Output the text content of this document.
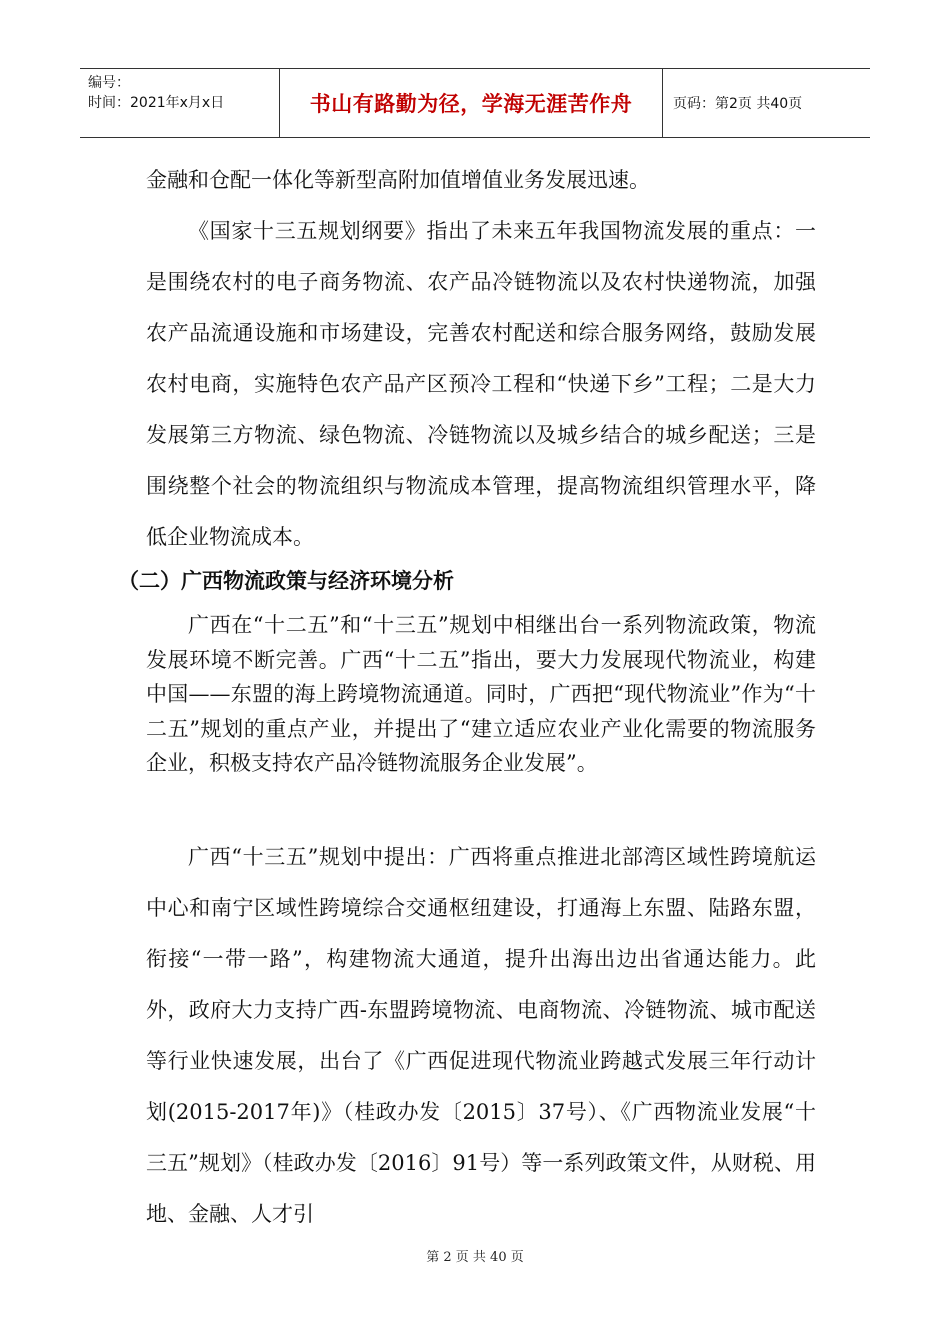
编号：
时间：2021年x月x日	书山有路勤为径，学海无涯苦作舟	页码：第2页 共40页

金融和仓配一体化等新型高附加值增值业务发展迅速。

《国家十三五规划纲要》指出了未来五年我国物流发展的重点：一是围绕农村的电子商务物流、农产品冷链物流以及农村快递物流，加强农产品流通设施和市场建设，完善农村配送和综合服务网络，鼓励发展农村电商，实施特色农产品产区预冷工程和“快递下乡”工程；二是大力发展第三方物流、绿色物流、冷链物流以及城乡结合的城乡配送；三是围绕整个社会的物流组织与物流成本管理，提高物流组织管理水平，降低企业物流成本。

（二）广西物流政策与经济环境分析

广西在“十二五”和“十三五”规划中相继出台一系列物流政策，物流发展环境不断完善。广西“十二五”指出，要大力发展现代物流业，构建中国——东盟的海上跨境物流通道。同时，广西把“现代物流业”作为“十二五”规划的重点产业，并提出了“建立适应农业产业化需要的物流服务企业，积极支持农产品冷链物流服务企业发展”。

广西“十三五”规划中提出：广西将重点推进北部湾区域性跨境航运中心和南宁区域性跨境综合交通枢纽建设，打通海上东盟、陆路东盟，衔接“一带一路”，构建物流大通道，提升出海出边出省通达能力。此外，政府大力支持广西-东盟跨境物流、电商物流、冷链物流、城市配送等行业快速发展，出台了《广西促进现代物流业跨越式发展三年行动计划(2015-2017年)》（桂政办发〔2015〕37号）、《广西物流业发展“十三五”规划》（桂政办发〔2016〕91号）等一系列政策文件，从财税、用地、金融、人才引

第 2 页 共 40 页
